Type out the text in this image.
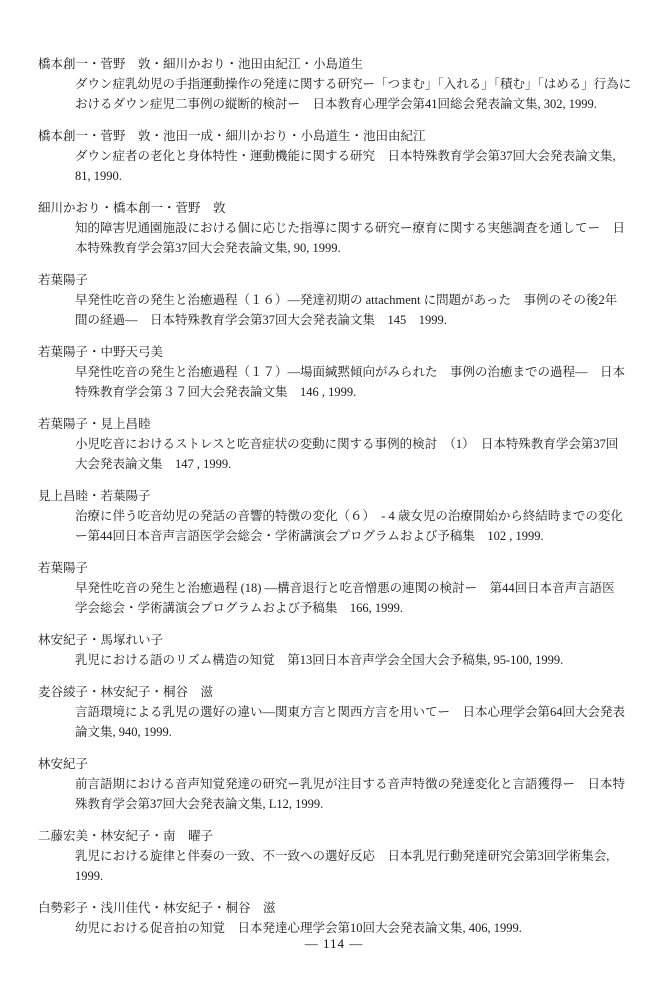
橋本創一・菅野　敦・細川かおり・池田由紀江・小島道生
ダウン症乳幼児の手指運動操作の発達に関する研究ー「つまむ」「入れる」「積む」「はめる」行為に
おけるダウン症児二事例の縦断的検討ー　日本教育心理学会第41回総会発表論文集, 302, 1999.
橋本創一・菅野　敦・池田一成・細川かおり・小島道生・池田由紀江
ダウン症者の老化と身体特性・運動機能に関する研究　日本特殊教育学会第37回大会発表論文集,
81, 1990.
細川かおり・橋本創一・菅野　敦
知的障害児通園施設における個に応じた指導に関する研究ー療育に関する実態調査を通してー　日
本特殊教育学会第37回大会発表論文集, 90, 1999.
若葉陽子
早発性吃音の発生と治癒過程（１６）―発達初期の attachment に問題があった　事例のその後2年
間の経過―　日本特殊教育学会第37回大会発表論文集　145　1999.
若葉陽子・中野天弓美
早発性吃音の発生と治癒過程（１７）―場面緘黙傾向がみられた　事例の治癒までの過程―　日本
特殊教育学会第３７回大会発表論文集　146 , 1999.
若葉陽子・見上昌睦
小児吃音におけるストレスと吃音症状の変動に関する事例的検討　（1）　日本特殊教育学会第37回
大会発表論文集　147 , 1999.
見上昌睦・若葉陽子
治療に伴う吃音幼児の発話の音響的特徴の変化（６）　- 4 歳女児の治療開始から終結時までの変化
ー第44回日本音声言語医学会総会・学術講演会プログラムおよび予稿集　102 , 1999.
若葉陽子
早発性吃音の発生と治癒過程 (18) ―構音退行と吃音憎悪の連関の検討ー　第44回日本音声言語医
学会総会・学術講演会プログラムおよび予稿集　166, 1999.
林安紀子・馬塚れい子
乳児における語のリズム構造の知覚　第13回日本音声学会全国大会予稿集, 95-100, 1999.
麦谷綾子・林安紀子・桐谷　滋
言語環境による乳児の選好の違い―関東方言と関西方言を用いてー　日本心理学会第64回大会発表
論文集, 940, 1999.
林安紀子
前言語期における音声知覚発達の研究ー乳児が注目する音声特徴の発達変化と言語獲得ー　日本特
殊教育学会第37回大会発表論文集, L12, 1999.
二藤宏美・林安紀子・南　曜子
乳児における旋律と伴奏の一致、不一致への選好反応　日本乳児行動発達研究会第3回学術集会,
1999.
白勢彩子・浅川佳代・林安紀子・桐谷　滋
幼児における促音拍の知覚　日本発達心理学会第10回大会発表論文集, 406, 1999.
― 114 ―
